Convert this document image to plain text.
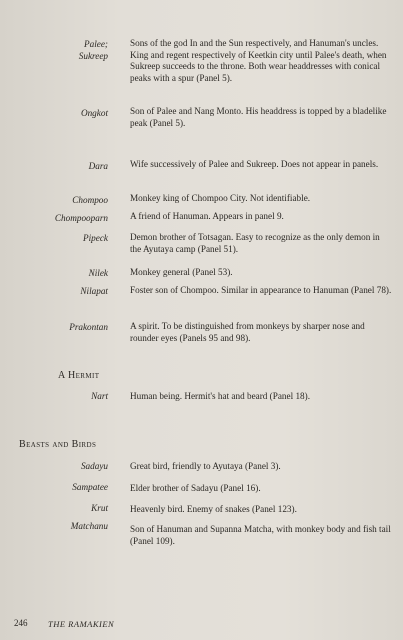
Palee;
Sukreep
Sons of the god In and the Sun respectively, and Hanuman's uncles. King and regent respectively of Keetkin city until Palee's death, when Sukreep succeeds to the throne. Both wear headdresses with conical peaks with a spur (Panel 5).
Ongkot Son of Palee and Nang Monto. His headdress is topped by a bladelike peak (Panel 5).
Dara Wife successively of Palee and Sukreep. Does not appear in panels.
Chompoo Monkey king of Chompoo City. Not identifiable.
Chompooparn A friend of Hanuman. Appears in panel 9.
Pipeck Demon brother of Totsagan. Easy to recognize as the only demon in the Ayutaya camp (Panel 51).
Nilek Monkey general (Panel 53).
Nilapat Foster son of Chompoo. Similar in appearance to Hanuman (Panel 78).
Prakontan A spirit. To be distinguished from monkeys by sharper nose and rounder eyes (Panels 95 and 98).
A Hermit
Nart Human being. Hermit's hat and beard (Panel 18).
Beasts and Birds
Sadayu Great bird, friendly to Ayutaya (Panel 3).
Sampatee Elder brother of Sadayu (Panel 16).
Krut Heavenly bird. Enemy of snakes (Panel 123).
Matchanu Son of Hanuman and Supanna Matcha, with monkey body and fish tail (Panel 109).
246 THE RAMAKIEN
